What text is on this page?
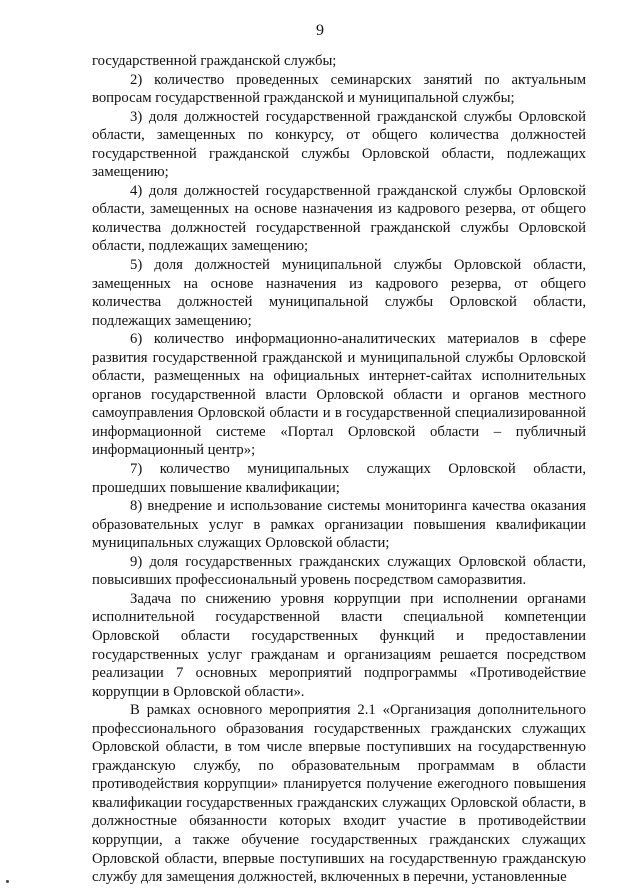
9

государственной гражданской службы;

2) количество проведенных семинарских занятий по актуальным вопросам государственной гражданской и муниципальной службы;

3) доля должностей государственной гражданской службы Орловской области, замещенных по конкурсу, от общего количества должностей государственной гражданской службы Орловской области, подлежащих замещению;

4) доля должностей государственной гражданской службы Орловской области, замещенных на основе назначения из кадрового резерва, от общего количества должностей государственной гражданской службы Орловской области, подлежащих замещению;

5) доля должностей муниципальной службы Орловской области, замещенных на основе назначения из кадрового резерва, от общего количества должностей муниципальной службы Орловской области, подлежащих замещению;

6) количество информационно-аналитических материалов в сфере развития государственной гражданской и муниципальной службы Орловской области, размещенных на официальных интернет-сайтах исполнительных органов государственной власти Орловской области и органов местного самоуправления Орловской области и в государственной специализированной информационной системе «Портал Орловской области – публичный информационный центр»;

7) количество муниципальных служащих Орловской области, прошедших повышение квалификации;

8) внедрение и использование системы мониторинга качества оказания образовательных услуг в рамках организации повышения квалификации муниципальных служащих Орловской области;

9) доля государственных гражданских служащих Орловской области, повысивших профессиональный уровень посредством саморазвития.

Задача по снижению уровня коррупции при исполнении органами исполнительной государственной власти специальной компетенции Орловской области государственных функций и предоставлении государственных услуг гражданам и организациям решается посредством реализации 7 основных мероприятий подпрограммы «Противодействие коррупции в Орловской области».

В рамках основного мероприятия 2.1 «Организация дополнительного профессионального образования государственных гражданских служащих Орловской области, в том числе впервые поступивших на государственную гражданскую службу, по образовательным программам в области противодействия коррупции» планируется получение ежегодного повышения квалификации государственных гражданских служащих Орловской области, в должностные обязанности которых входит участие в противодействии коррупции, а также обучение государственных гражданских служащих Орловской области, впервые поступивших на государственную гражданскую службу для замещения должностей, включенных в перечни, установленные
